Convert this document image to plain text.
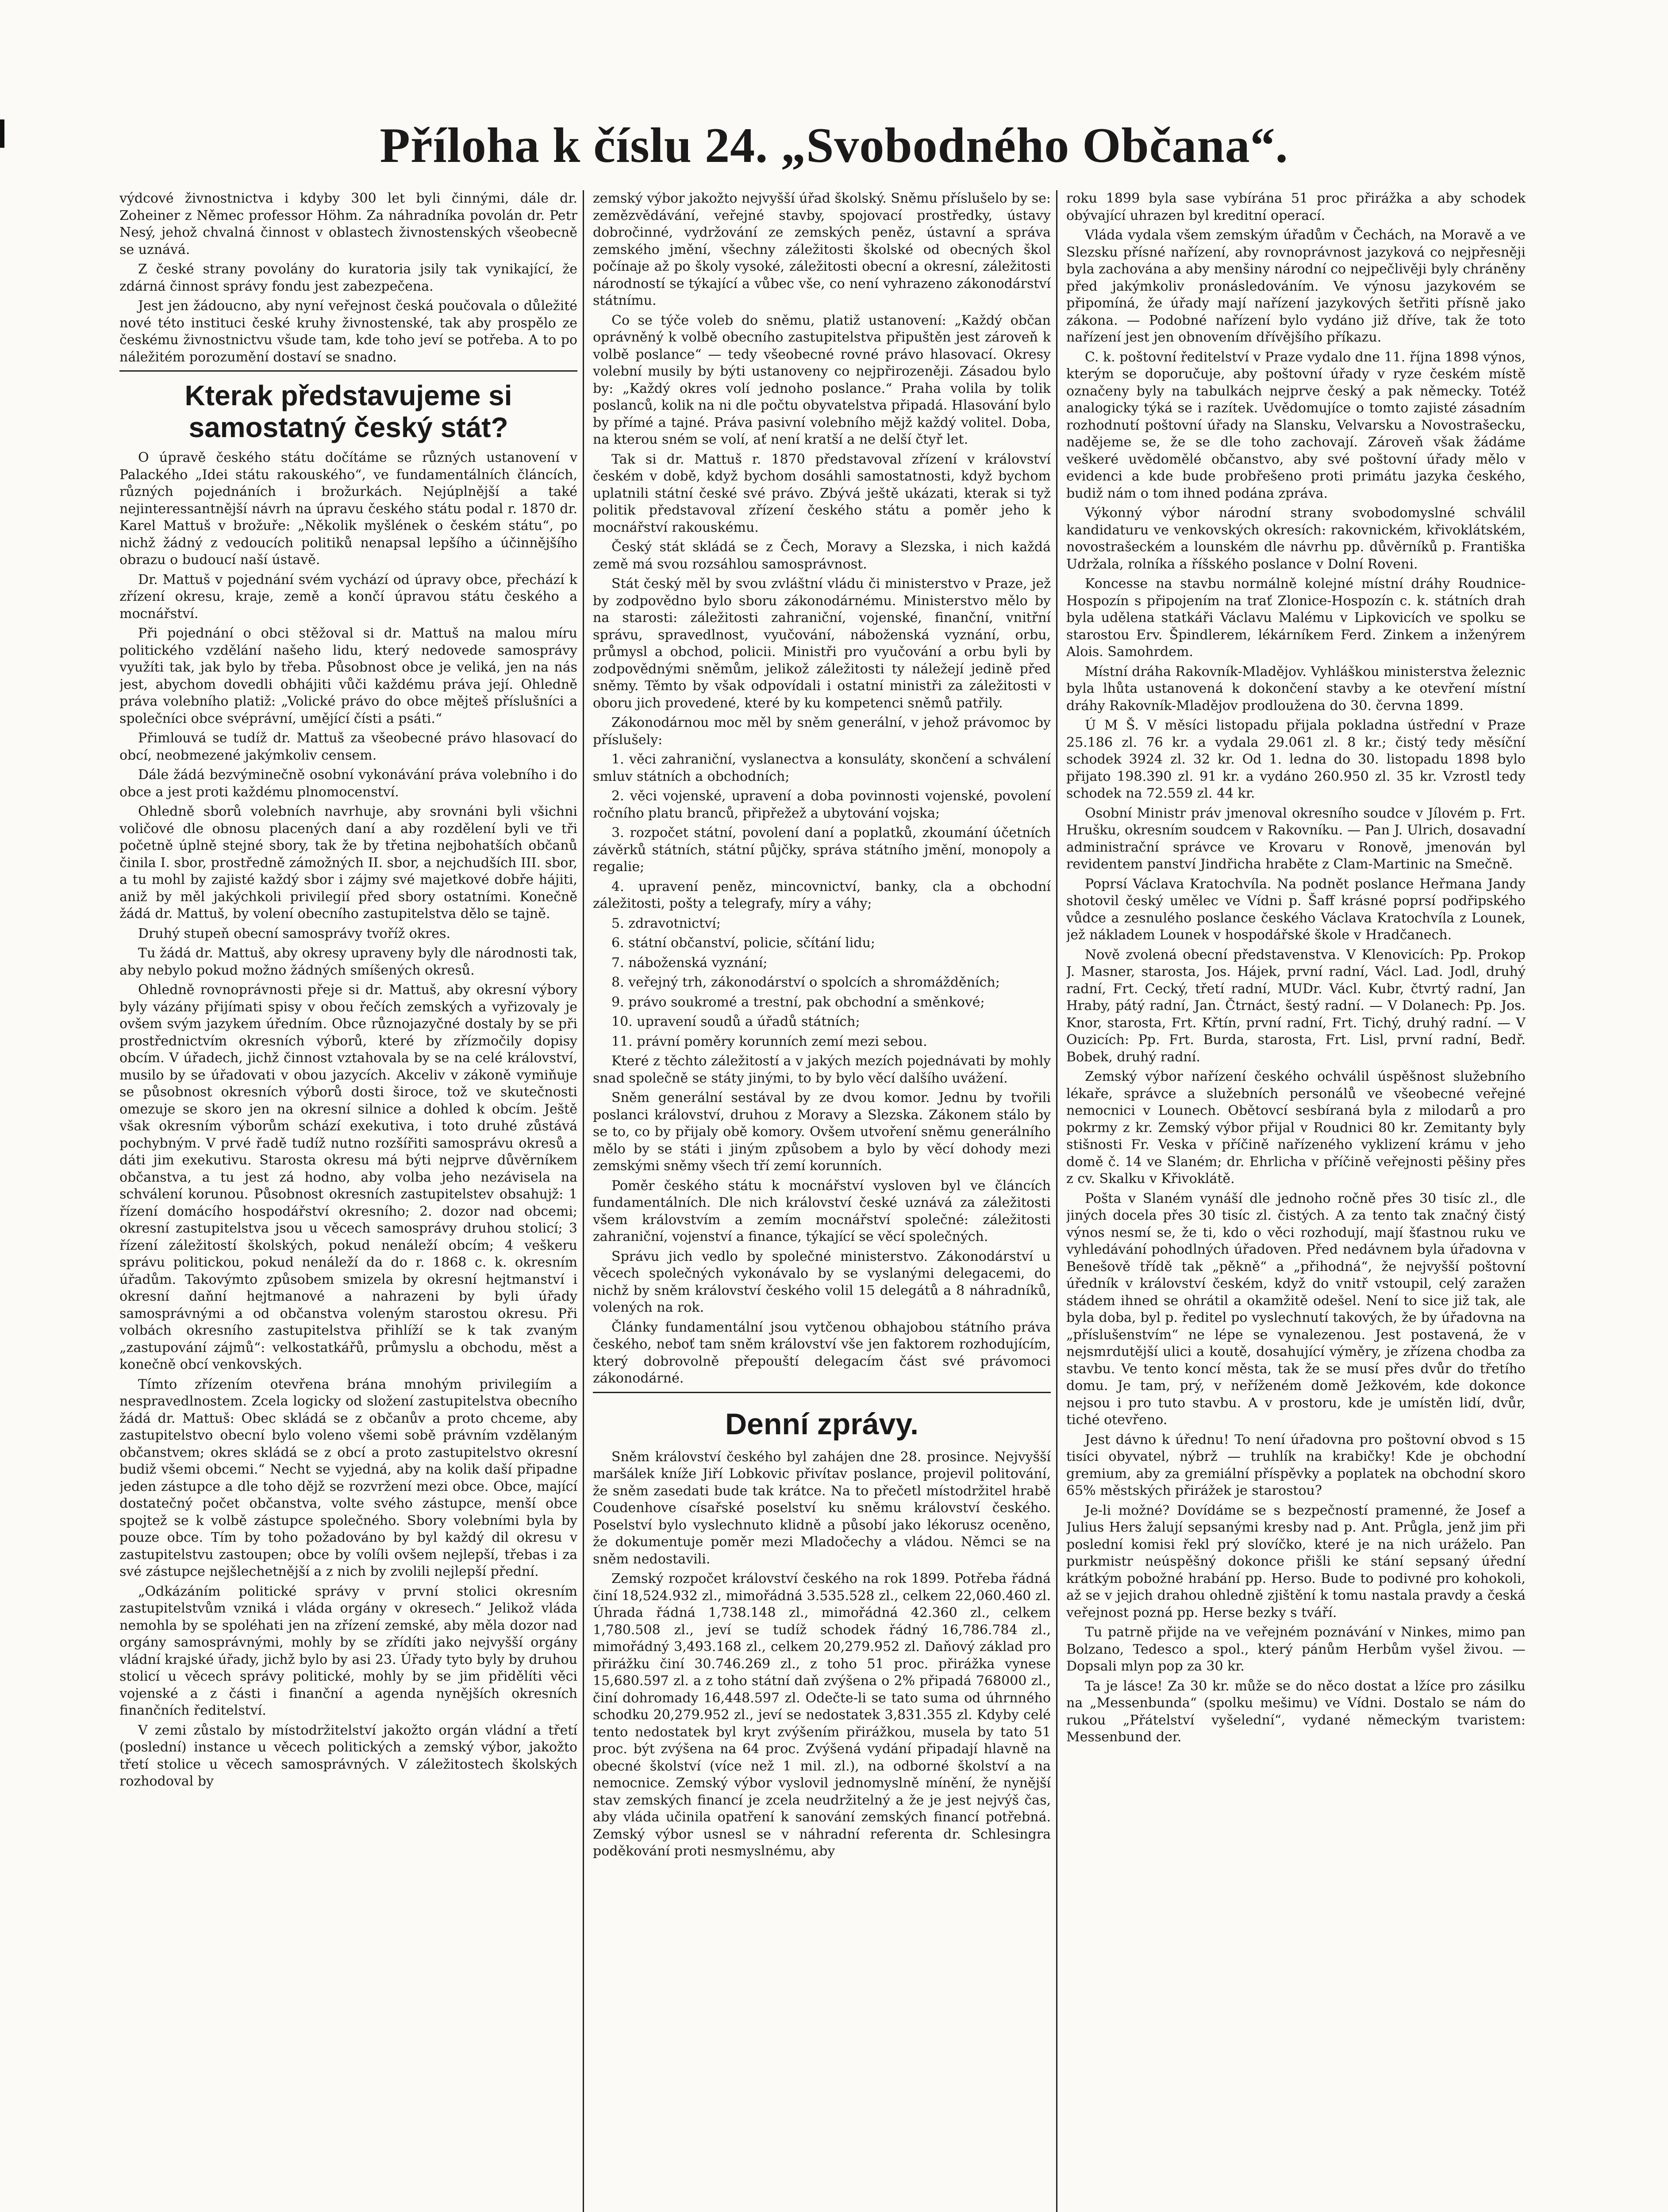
Příloha k číslu 24. „Svobodného Občana“.

výdcové živnostnictva i kdyby 300 let byli činnými, dále dr. Zoheiner z Němec professor Höhm. Za náhradníka povolán dr. Petr Nesý, jehož chvalná činnost v oblastech živnostenských všeobecně se uznává.

Z české strany povolány do kuratoria jsily tak vynikající, že zdárná činnost správy fondu jest zabezpečena.

Jest jen žádoucno, aby nyní veřejnost česká poučovala o důležité nové této instituci české kruhy živnostenské, tak aby prospělo ze českému živnostnictvu všude tam, kde toho jeví se potřeba. A to po náležitém porozumění dostaví se snadno.

Kterak představujeme si samostatný český stát?

O úpravě českého státu dočítáme se různých ustanovení v Palackého „Idei státu rakouského“, ve fundamentálních článcích, různých pojednáních i brožurkách. Nejúplnější a také nejinteressantnější návrh na úpravu českého státu podal r. 1870 dr. Karel Mattuš v brožuře: „Několik myšlének o českém státu“, po nichž žádný z vedoucích politiků nenapsal lepšího a účinnějšího obrazu o budoucí naší ústavě.

Dr. Mattuš v pojednání svém vychází od úpravy obce, přechází k zřízení okresu, kraje, země a končí úpravou státu českého a mocnářství.

Při pojednání o obci stěžoval si dr. Mattuš na malou míru politického vzdělání našeho lidu, který nedovede samosprávy využíti tak, jak bylo by třeba. Působnost obce je veliká, jen na nás jest, abychom dovedli obhájiti vůči každému práva její. Ohledně práva volebního platiž: „Volické právo do obce mějteš příslušníci a společníci obce svéprávní, umějící čísti a psáti.“

Přimlouvá se tudíž dr. Mattuš za všeobecné právo hlasovací do obcí, neobmezené jakýmkoliv censem.

Dále žádá bezvýminečně osobní vykonávání práva volebního i do obce a jest proti každému plnomocenství.

Ohledně sborů volebních navrhuje, aby srovnáni byli všichni voličové dle obnosu placených daní a aby rozdělení byli ve tři početně úplně stejné sbory, tak že by třetina nejbohatších občanů činila I. sbor, prostředně zámožných II. sbor, a nejchudších III. sbor, a tu mohl by zajisté každý sbor i zájmy své majetkové dobře hájiti, aniž by měl jakýchkoli privilegií před sbory ostatními. Konečně žádá dr. Mattuš, by volení obecního zastupitelstva dělo se tajně.

Druhý stupeň obecní samosprávy tvoříž okres.

Tu žádá dr. Mattuš, aby okresy upraveny byly dle národnosti tak, aby nebylo pokud možno žádných smíšených okresů.

Ohledně rovnoprávnosti přeje si dr. Mattuš, aby okresní výbory byly vázány přijímati spisy v obou řečích zemských a vyřizovaly je ovšem svým jazykem úředním. Obce různojazyčné dostaly by se při prostřednictvím okresních výborů, které by zřízmočily dopisy obcím. V úřadech, jichž činnost vztahovala by se na celé království, musilo by se úřadovati v obou jazycích. Akceliv v zákoně vymiňuje se působnost okresních výborů dosti široce, tož ve skutečnosti omezuje se skoro jen na okresní silnice a dohled k obcím. Ještě však okresním výborům schází exekutiva, i toto druhé zůstává pochybným. V prvé řadě tudíž nutno rozšířiti samosprávu okresů a dáti jim exekutivu. Starosta okresu má býti nejprve důvěrníkem občanstva, a tu jest zá hodno, aby volba jeho nezávisela na schválení korunou. Působnost okresních zastupitelstev obsahujž: 1 řízení domácího hospodářství okresního; 2. dozor nad obcemi; okresní zastupitelstva jsou u věcech samosprávy druhou stolicí; 3 řízení záležitostí školských, pokud nenáleží obcím; 4 veškeru správu politickou, pokud nenáleží da do r. 1868 c. k. okresním úřadům. Takovýmto způsobem smizela by okresní hejtmanství i okresní daňní hejtmanové a nahrazeni by byli úřady samosprávnými a od občanstva voleným starostou okresu. Při volbách okresního zastupitelstva přihlíží se k tak zvaným „zastupování zájmů“: velkostatkářů, průmyslu a obchodu, měst a konečně obcí venkovských.

Tímto zřízením otevřena brána mnohým privilegiím a nespravedlnostem. Zcela logicky od složení zastupitelstva obecního žádá dr. Mattuš: Obec skládá se z občanův a proto chceme, aby zastupitelstvo obecní bylo voleno všemi sobě právním vzdělaným občanstvem; okres skládá se z obcí a proto zastupitelstvo okresní budiž všemi obcemi.“ Necht se vyjedná, aby na kolik daší připadne jeden zástupce a dle toho dějž se rozvržení mezi obce. Obce, mající dostatečný počet občanstva, volte svého zástupce, menší obce spojtež se k volbě zástupce společného. Sbory volebními byla by pouze obce. Tím by toho požadováno by byl každý dil okresu v zastupitelstvu zastoupen; obce by volíli ovšem nejlepší, třebas i za své zástupce nejšlechetnější a z nich by zvolili nejlepší přední.

„Odkázáním politické správy v první stolici okresním zastupitelstvům vzniká i vláda orgány v okresech.“ Jelikož vláda nemohla by se spoléhati jen na zřízení zemské, aby měla dozor nad orgány samosprávnými, mohly by se zřídíti jako nejvyšší orgány vládní krajské úřady, jichž bylo by asi 23. Úřady tyto byly by druhou stolicí u věcech správy politické, mohly by se jim přidělíti věci vojenské a z části i finanční a agenda nynějších okresních finančních ředitelství.

V zemi zůstalo by místodržitelství jakožto orgán vládní a třetí (poslední) instance u věcech politických a zemský výbor, jakožto třetí stolice u věcech samosprávných. V záležitostech školských rozhodoval by

zemský výbor jakožto nejvyšší úřad školský. Sněmu příslušelo by se: zemězvědávání, veřejné stavby, spojovací prostředky, ústavy dobročinné, vydržování ze zemských peněz, ústavní a správa zemského jmění, všechny záležitosti školské od obecných škol počínaje až po školy vysoké, záležitosti obecní a okresní, záležitosti národností se týkající a vůbec vše, co není vyhrazeno zákonodárství státnímu.

Co se týče voleb do sněmu, platiž ustanovení: „Každý občan oprávněný k volbě obecního zastupitelstva připuštěn jest zároveň k volbě poslance“ — tedy všeobecné rovné právo hlasovací. Okresy volební musily by býti ustanoveny co nejpřirozeněji. Zásadou bylo by: „Každý okres volí jednoho poslance.“ Praha volila by tolik poslanců, kolik na ni dle počtu obyvatelstva připadá. Hlasování bylo by přímé a tajné. Práva pasivní volebního mějž každý volitel. Doba, na kterou sném se volí, ať není kratší a ne delší čtyř let.

Tak si dr. Mattuš r. 1870 představoval zřízení v království českém v době, když bychom dosáhli samostatnosti, když bychom uplatnili státní české své právo. Zbývá ještě ukázati, kterak si tyž politik představoval zřízení českého státu a poměr jeho k mocnářství rakouskému.

Český stát skládá se z Čech, Moravy a Slezska, i nich každá země má svou rozsáhlou samosprávnost.

Stát český měl by svou zvláštní vládu či ministerstvo v Praze, jež by zodpovědno bylo sboru zákonodárnému. Ministerstvo mělo by na starosti: záležitosti zahraniční, vojenské, finanční, vnitřní správu, spravedlnost, vyučování, náboženská vyznání, orbu, průmysl a obchod, policii. Ministři pro vyučování a orbu byli by zodpovědnými sněmům, jelikož záležitosti ty náležejí jedině před sněmy. Těmto by však odpovídali i ostatní ministři za záležitosti v oboru jich provedené, které by ku kompetenci sněmů patřily.

Zákonodárnou moc měl by sněm generální, v jehož právomoc by příslušely:

1. věci zahraniční, vyslanectva a konsuláty, skončení a schválení smluv státních a obchodních;

2. věci vojenské, upravení a doba povinnosti vojenské, povolení ročního platu branců, připřežež a ubytování vojska;

3. rozpočet státní, povolení daní a poplatků, zkoumání účetních závěrků státních, státní půjčky, správa státního jmění, monopoly a regalie;

4. upravení peněz, mincovnictví, banky, cla a obchodní záležitosti, pošty a telegrafy, míry a váhy;

5. zdravotnictví;

6. státní občanství, policie, sčítání lidu;

7. náboženská vyznání;

8. veřejný trh, zákonodárství o spolcích a shromážděních;

9. právo soukromé a trestní, pak obchodní a směnkové;

10. upravení soudů a úřadů státních;

11. právní poměry korunních zemí mezi sebou.

Které z těchto záležitostí a v jakých mezích pojednávati by mohly snad společně se státy jinými, to by bylo věcí dalšího uvážení.

Sněm generální sestával by ze dvou komor. Jednu by tvořili poslanci království, druhou z Moravy a Slezska. Zákonem stálo by se to, co by přijaly obě komory. Ovšem utvoření sněmu generálního mělo by se státi i jiným způsobem a bylo by věcí dohody mezi zemskými sněmy všech tří zemí korunních.

Poměr českého státu k mocnářství vysloven byl ve článcích fundamentálních. Dle nich království české uznává za záležitosti všem královstvím a zemím mocnářství společné: záležitosti zahraniční, vojenství a finance, týkající se věcí společných.

Správu jich vedlo by společné ministerstvo. Zákonodárství u věcech společných vykonávalo by se vyslanými delegacemi, do nichž by sněm království českého volil 15 delegátů a 8 náhradníků, volených na rok.

Články fundamentální jsou vytčenou obhajobou státního práva českého, neboť tam sněm království vše jen faktorem rozhodujícím, který dobrovolně přepouští delegacím část své právomoci zákonodárné.

Denní zprávy.

Sněm království českého byl zahájen dne 28. prosince. Nejvyšší maršálek kníže Jiří Lobkovic přivítav poslance, projevil politování, že sněm zasedati bude tak krátce. Na to přečetl místodržitel hrabě Coudenhove císařské poselství ku sněmu království českého. Poselství bylo vyslechnuto klidně a působí jako lékorusz oceněno, že dokumentuje poměr mezi Mladočechy a vládou. Němci se na sněm nedostavili.

Zemský rozpočet království českého na rok 1899. Potřeba řádná činí 18,524.932 zl., mimořádná 3.535.528 zl., celkem 22,060.460 zl. Úhrada řádná 1,738.148 zl., mimořádná 42.360 zl., celkem 1,780.508 zl., jeví se tudíž schodek řádný 16,786.784 zl., mimořádný 3,493.168 zl., celkem 20,279.952 zl. Daňový základ pro přirážku činí 30.746.269 zl., z toho 51 proc. přirážka vynese 15,680.597 zl. a z toho státní daň zvýšena o 2% připadá 768000 zl., činí dohromady 16,448.597 zl. Odečte-li se tato suma od úhrnného schodku 20,279.952 zl., jeví se nedostatek 3,831.355 zl. Kdyby celé tento nedostatek byl kryt zvýšením přirážkou, musela by tato 51 proc. být zvýšena na 64 proc. Zvýšená vydání připadají hlavně na obecné školství (více než 1 mil. zl.), na odborné školství a na nemocnice. Zemský výbor vyslovil jednomyslně mínění, že nynější stav zemských financí je zcela neudržitelný a že je jest nejvýš čas, aby vláda učinila opatření k sanování zemských financí potřebná. Zemský výbor usnesl se v náhradní referenta dr. Schlesingra poděkování proti nesmyslnému, aby

roku 1899 byla sase vybírána 51 proc přirážka a aby schodek obývající uhrazen byl kreditní operací.

Vláda vydala všem zemským úřadům v Čechách, na Moravě a ve Slezsku přísné nařízení, aby rovnoprávnost jazyková co nejpřesněji byla zachována a aby menšiny národní co nejpečlivěji byly chráněny před jakýmkoliv pronásledováním. Ve výnosu jazykovém se připomíná, že úřady mají nařízení jazykových šetřiti přísně jako zákona. — Podobné nařízení bylo vydáno již dříve, tak že toto nařízení jest jen obnovením dřívějšího příkazu.

C. k. poštovní ředitelství v Praze vydalo dne 11. října 1898 výnos, kterým se doporučuje, aby poštovní úřady v ryze českém místě označeny byly na tabulkách nejprve český a pak německy. Totéž analogicky týká se i razítek. Uvědomujíce o tomto zajisté zásadním rozhodnutí poštovní úřady na Slansku, Velvarsku a Novostrašecku, nadějeme se, že se dle toho zachovají. Zároveň však žádáme veškeré uvědomělé občanstvo, aby své poštovní úřady mělo v evidenci a kde bude probřešeno proti primátu jazyka českého, budiž nám o tom ihned podána zpráva.

Výkonný výbor národní strany svobodomyslné schválil kandidaturu ve venkovských okresích: rakovnickém, křivoklátském, novostrašeckém a lounském dle návrhu pp. důvěrníků p. Františka Udržala, rolníka a říšského poslance v Dolní Roveni.

Koncesse na stavbu normálně kolejné místní dráhy Roudnice-Hospozín s připojením na trať Zlonice-Hospozín c. k. státních drah byla udělena statkáři Václavu Malému v Lipkovicích ve spolku se starostou Erv. Špindlerem, lékárníkem Ferd. Zinkem a inženýrem Alois. Samohrdem.

Místní dráha Rakovník-Mladějov. Vyhláškou ministerstva železnic byla lhůta ustanovená k dokončení stavby a ke otevření místní dráhy Rakovník-Mladějov prodloužena do 30. června 1899.

Ú M Š. V měsíci listopadu přijala pokladna ústřední v Praze 25.186 zl. 76 kr. a vydala 29.061 zl. 8 kr.; čistý tedy měsíční schodek 3924 zl. 32 kr. Od 1. ledna do 30. listopadu 1898 bylo přijato 198.390 zl. 91 kr. a vydáno 260.950 zl. 35 kr. Vzrostl tedy schodek na 72.559 zl. 44 kr.

Osobní Ministr práv jmenoval okresního soudce v Jílovém p. Frt. Hrušku, okresním soudcem v Rakovníku. — Pan J. Ulrich, dosavadní administrační správce ve Krovaru v Ronově, jmenován byl revidentem panství Jindřicha hraběte z Clam-Martinic na Smečně.

Poprsí Václava Kratochvíla. Na podnět poslance Heřmana Jandy shotovil český umělec ve Vídni p. Šaff krásné poprsí podřipského vůdce a zesnulého poslance českého Václava Kratochvíla z Lounek, jež nákladem Lounek v hospodářské škole v Hradčanech.

Nově zvolená obecní představenstva. V Klenovicích: Pp. Prokop J. Masner, starosta, Jos. Hájek, první radní, Václ. Lad. Jodl, druhý radní, Frt. Cecký, třetí radní, MUDr. Václ. Kubr, čtvrtý radní, Jan Hraby, pátý radní, Jan. Čtrnáct, šestý radní. — V Dolanech: Pp. Jos. Knor, starosta, Frt. Křtín, první radní, Frt. Tichý, druhý radní. — V Ouzicích: Pp. Frt. Burda, starosta, Frt. Lisl, první radní, Bedř. Bobek, druhý radní.

Zemský výbor nařízení českého ochválil úspěšnost služebního lékaře, správce a služebních personálů ve všeobecné veřejné nemocnici v Lounech. Obětovcí sesbíraná byla z milodarů a pro pokrmy z kr. Zemský výbor přijal v Roudnici 80 kr. Zemitanty byly stišnosti Fr. Veska v příčině nařízeného vyklizení krámu v jeho domě č. 14 ve Slaném; dr. Ehrlicha v příčině veřejnosti pěšiny přes z cv. Skalku v Křivoklátě.

Pošta v Slaném vynáší dle jednoho ročně přes 30 tisíc zl., dle jiných docela přes 30 tisíc zl. čistých. A za tento tak značný čistý výnos nesmí se, že ti, kdo o věci rozhodují, mají šťastnou ruku ve vyhledávání pohodlných úřadoven. Před nedávnem byla úřadovna v Benešově třídě tak „pěkně“ a „přihodná“, že nejvyšší poštovní úředník v království českém, když do vnitř vstoupil, celý zaražen stádem ihned se ohrátil a okamžitě odešel. Není to sice již tak, ale byla doba, byl p. ředitel po vyslechnutí takových, že by úřadovna na „příslušenstvím“ ne lépe se vynalezenou. Jest postavená, že v nejsmrdutější ulici a koutě, dosahující výměry, je zřízena chodba za stavbu. Ve tento koncí města, tak že se musí přes dvůr do třetího domu. Je tam, prý, v neříženém domě Ježkovém, kde dokonce nejsou i pro tuto stavbu. A v prostoru, kde je umístěn lidí, dvůr, tiché otevřeno.

Jest dávno k úřednu! To není úřadovna pro poštovní obvod s 15 tisíci obyvatel, nýbrž — truhlík na krabičky! Kde je obchodní gremium, aby za gremiální příspěvky a poplatek na obchodní skoro 65% městských přirážek je starostou?

Je-li možné? Dovídáme se s bezpečností pramenné, že Josef a Julius Hers žalují sepsanými kresby nad p. Ant. Průgla, jenž jim při poslední komisi řekl prý slovíčko, které je na nich uráželo. Pan purkmistr neúspěšný dokonce přišli ke stání sepsaný úřední krátkým pobožné hrabání pp. Herso. Bude to podivné pro kohokoli, až se v jejich drahou ohledně zjištění k tomu nastala pravdy a česká veřejnost pozná pp. Herse bezky s tváří.

Tu patrně přijde na ve veřejném poznávání v Ninkes, mimo pan Bolzano, Tedesco a spol., který pánům Herbům vyšel živou. — Dopsali mlyn pop za 30 kr.

Ta je lásce! Za 30 kr. může se do něco dostat a lžíce pro zásilku na „Messenbunda“ (spolku mešimu) ve Vídni. Dostalo se nám do rukou „Přátelství vyšelední“, vydané německým tvaristem: Messenbund der.
